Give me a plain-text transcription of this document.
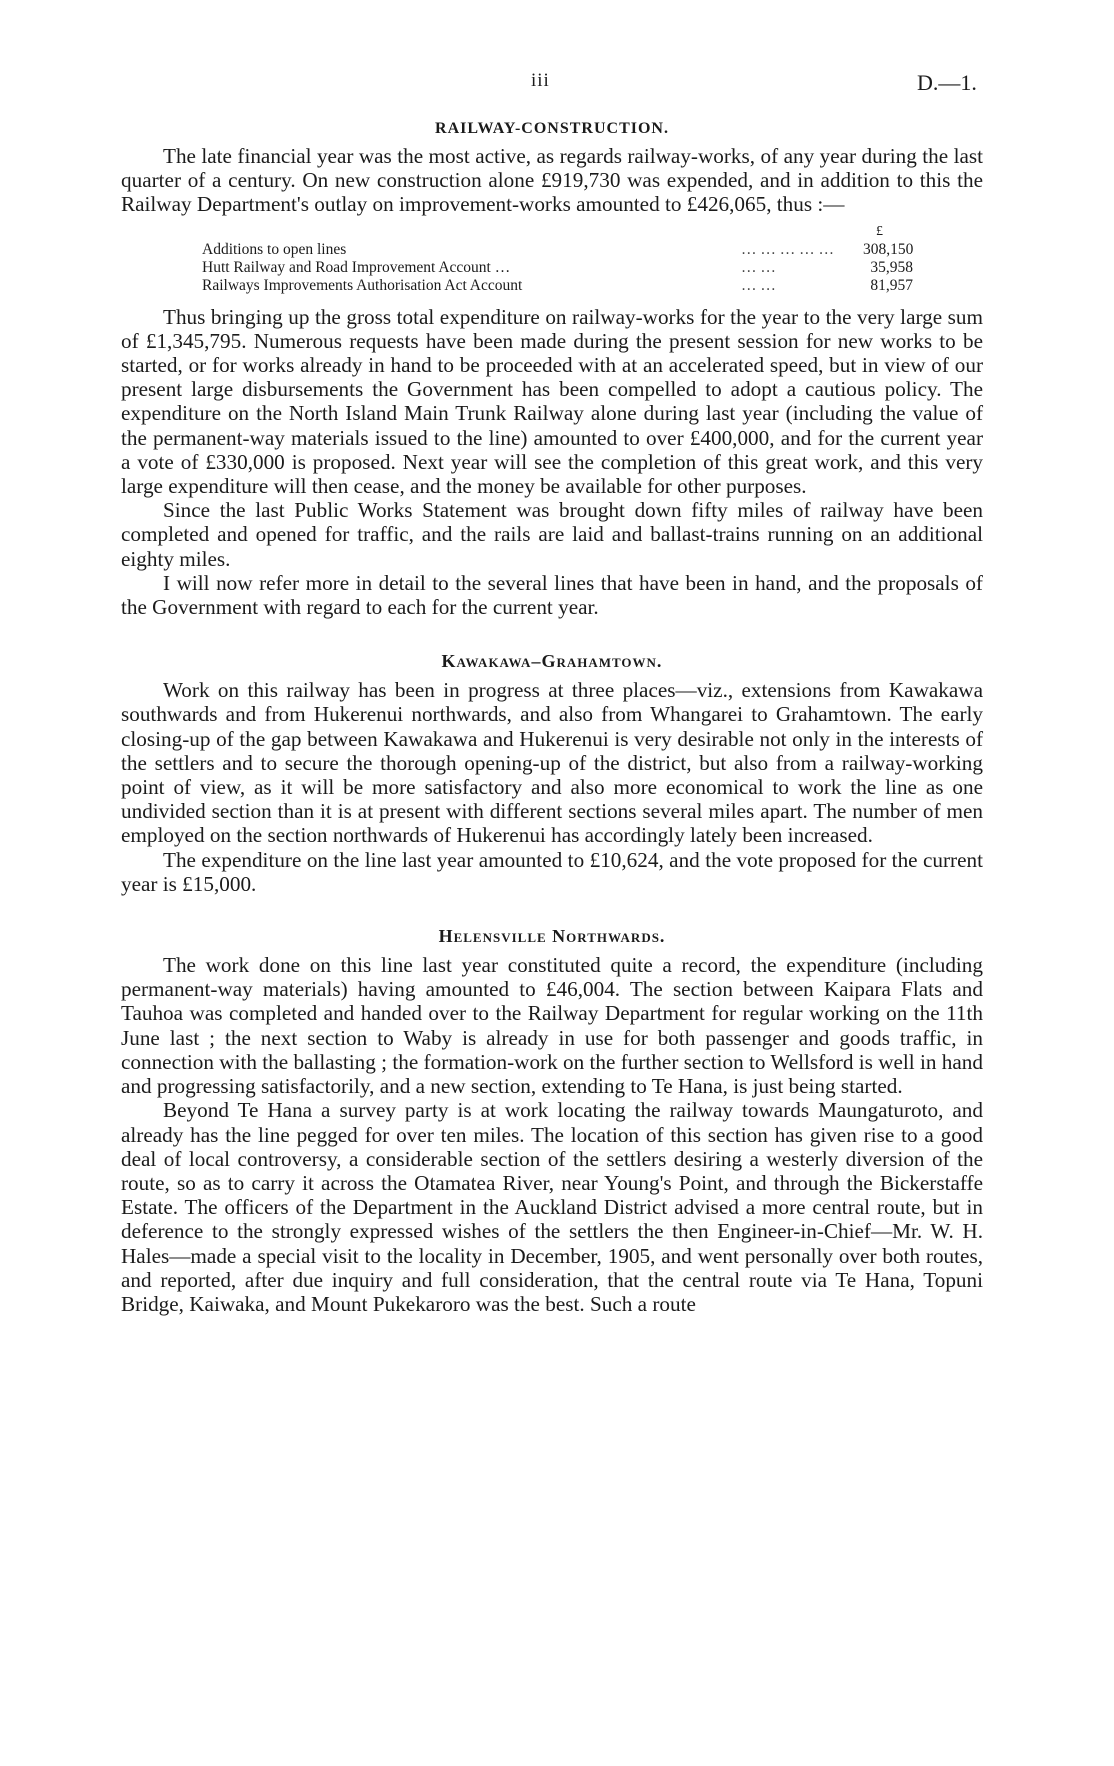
iii	D.—1.
RAILWAY-CONSTRUCTION.

The late financial year was the most active, as regards railway-works, of any year during the last quarter of a century. On new construction alone £919,730 was expended, and in addition to this the Railway Department's outlay on improvement-works amounted to £426,065, thus :—

£
Additions to open lines	… … … … …	308,150
Hutt Railway and Road Improvement Account …	… …	35,958
Railways Improvements Authorisation Act Account	… …	81,957

Thus bringing up the gross total expenditure on railway-works for the year to the very large sum of £1,345,795. Numerous requests have been made during the present session for new works to be started, or for works already in hand to be proceeded with at an accelerated speed, but in view of our present large disbursements the Government has been compelled to adopt a cautious policy. The expenditure on the North Island Main Trunk Railway alone during last year (including the value of the permanent-way materials issued to the line) amounted to over £400,000, and for the current year a vote of £330,000 is proposed. Next year will see the completion of this great work, and this very large expenditure will then cease, and the money be available for other purposes.

Since the last Public Works Statement was brought down fifty miles of railway have been completed and opened for traffic, and the rails are laid and ballast-trains running on an additional eighty miles.

I will now refer more in detail to the several lines that have been in hand, and the proposals of the Government with regard to each for the current year.

Kawakawa–Grahamtown.

Work on this railway has been in progress at three places—viz., extensions from Kawakawa southwards and from Hukerenui northwards, and also from Whangarei to Grahamtown. The early closing-up of the gap between Kawakawa and Hukerenui is very desirable not only in the interests of the settlers and to secure the thorough opening-up of the district, but also from a railway-working point of view, as it will be more satisfactory and also more economical to work the line as one undivided section than it is at present with different sections several miles apart. The number of men employed on the section northwards of Hukerenui has accordingly lately been increased.

The expenditure on the line last year amounted to £10,624, and the vote proposed for the current year is £15,000.

Helensville Northwards.

The work done on this line last year constituted quite a record, the expenditure (including permanent-way materials) having amounted to £46,004. The section between Kaipara Flats and Tauhoa was completed and handed over to the Railway Department for regular working on the 11th June last ; the next section to Waby is already in use for both passenger and goods traffic, in connection with the ballasting ; the formation-work on the further section to Wellsford is well in hand and progressing satisfactorily, and a new section, extending to Te Hana, is just being started.

Beyond Te Hana a survey party is at work locating the railway towards Maungaturoto, and already has the line pegged for over ten miles. The location of this section has given rise to a good deal of local controversy, a considerable section of the settlers desiring a westerly diversion of the route, so as to carry it across the Otamatea River, near Young's Point, and through the Bickerstaffe Estate. The officers of the Department in the Auckland District advised a more central route, but in deference to the strongly expressed wishes of the settlers the then Engineer-in-Chief—Mr. W. H. Hales—made a special visit to the locality in December, 1905, and went personally over both routes, and reported, after due inquiry and full consideration, that the central route via Te Hana, Topuni Bridge, Kaiwaka, and Mount Pukekaroro was the best. Such a route
